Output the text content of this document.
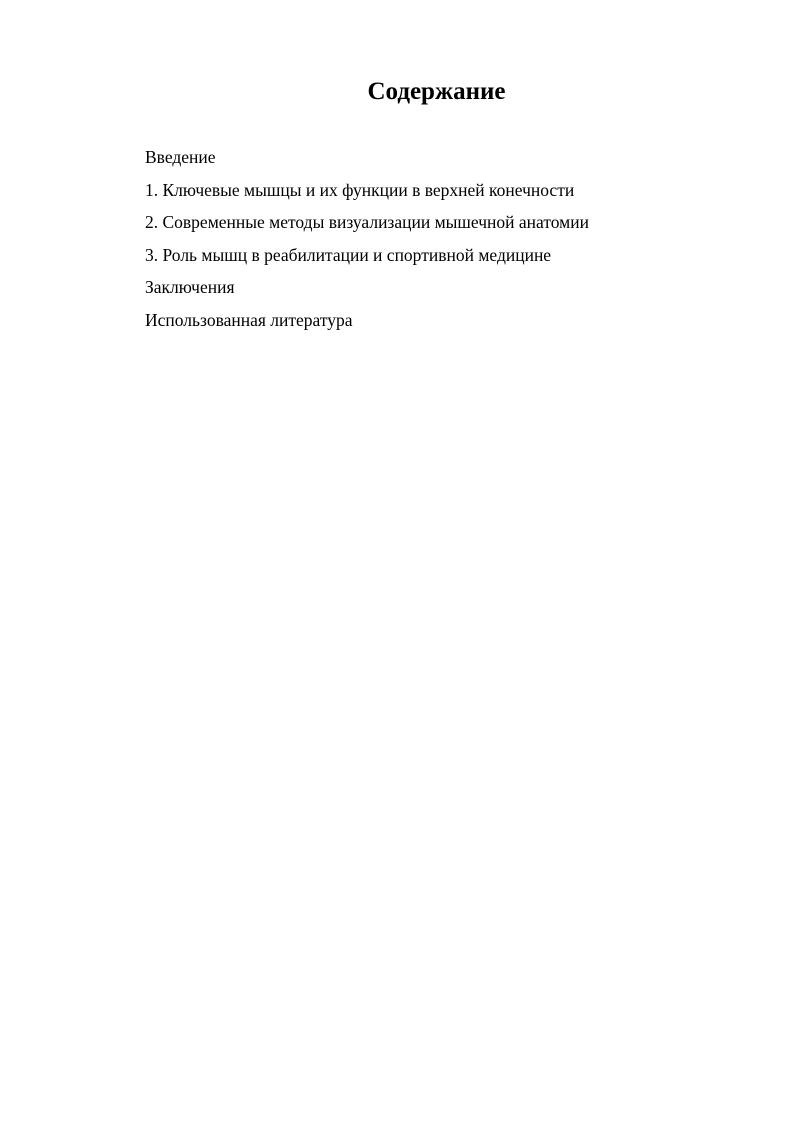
Содержание
Введение
1. Ключевые мышцы и их функции в верхней конечности
2. Современные методы визуализации мышечной анатомии
3. Роль мышц в реабилитации и спортивной медицине
Заключения
Использованная литература
